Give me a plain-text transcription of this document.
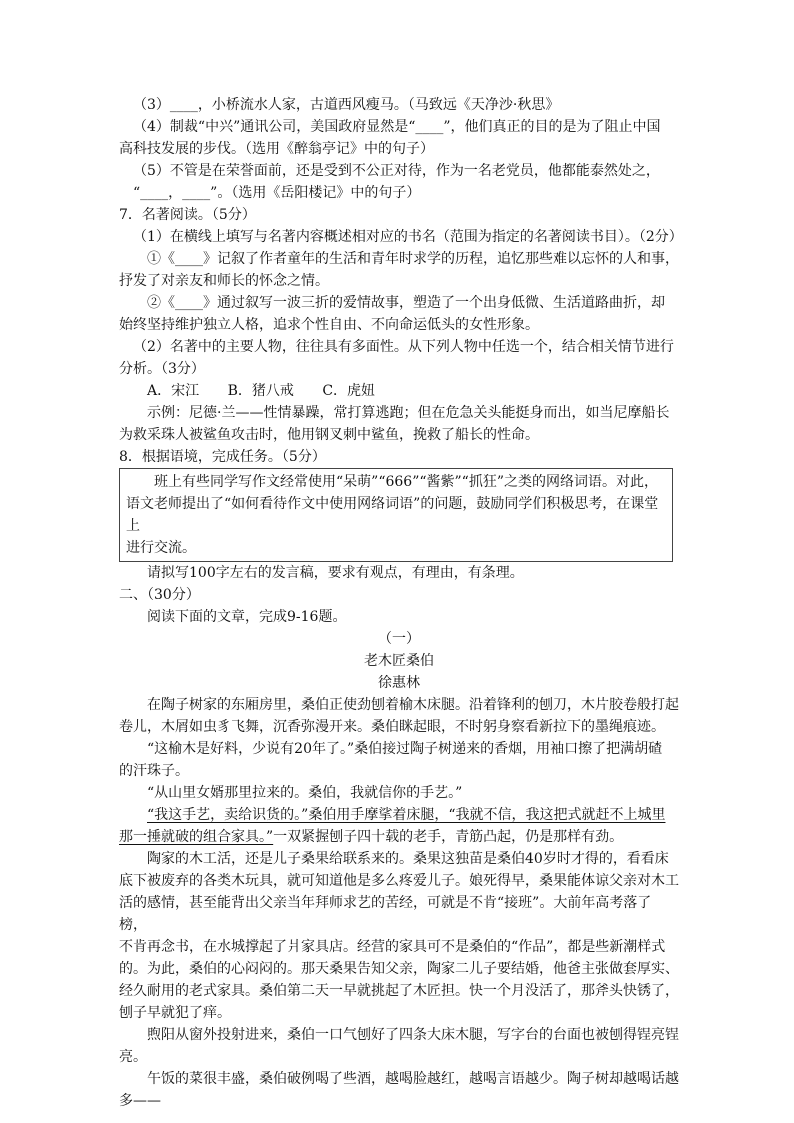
（3）____，小桥流水人家，古道西风瘦马。（马致远《天净沙·秋思》

（4）制裁“中兴”通讯公司，美国政府显然是“____”，他们真正的目的是为了阻止中国

高科技发展的步伐。（选用《醉翁亭记》中的句子）

（5）不管是在荣誉面前，还是受到不公正对待，作为一名老党员，他都能泰然处之，

“____，____”。（选用《岳阳楼记》中的句子）

7．名著阅读。（5分）

（1）在横线上填写与名著内容概述相对应的书名（范围为指定的名著阅读书目）。（2分）

①《____》记叙了作者童年的生活和青年时求学的历程，追忆那些难以忘怀的人和事，

抒发了对亲友和师长的怀念之情。

②《____》通过叙写一波三折的爱情故事，塑造了一个出身低微、生活道路曲折，却

始终坚持维护独立人格，追求个性自由、不向命运低头的女性形象。

（2）名著中的主要人物，往往具有多面性。从下列人物中任选一个，结合相关情节进行

分析。（3分）

A．宋江 B．猪八戒 C．虎妞

示例：尼德·兰——性情暴躁，常打算逃跑；但在危急关头能挺身而出，如当尼摩船长

为救采珠人被鲨鱼攻击时，他用钢叉刺中鲨鱼，挽救了船长的性命。

8．根据语境，完成任务。（5分）

班上有些同学写作文经常使用“呆萌”“666”“酱紫”“抓狂”之类的网络词语。对此，

语文老师提出了“如何看待作文中使用网络词语”的问题，鼓励同学们积极思考，在课堂上

进行交流。

请拟写100字左右的发言稿，要求有观点，有理由，有条理。

二、（30分）

阅读下面的文章，完成9-16题。

（一）

老木匠桑伯

徐惠林

在陶子树家的东厢房里，桑伯正使劲刨着榆木床腿。沿着锋利的刨刀，木片胶卷般打起

卷儿，木屑如虫豸飞舞，沉香弥漫开来。桑伯眯起眼，不时躬身察看新拉下的墨绳痕迹。

“这榆木是好料，少说有20年了。”桑伯接过陶子树递来的香烟，用袖口擦了把满胡碴

的汗珠子。

“从山里女婿那里拉来的。桑伯，我就信你的手艺。”

“我这手艺，卖给识货的。”桑伯用手摩挲着床腿，“我就不信，我这把式就赶不上城里

那一捶就破的组合家具。”一双紧握刨子四十载的老手，青筋凸起，仍是那样有劲。

陶家的木工活，还是儿子桑果给联系来的。桑果这独苗是桑伯40岁时才得的，看看床

底下被废弃的各类木玩具，就可知道他是多么疼爱儿子。娘死得早，桑果能体谅父亲对木工

活的感情，甚至能背出父亲当年拜师求艺的苦经，可就是不肯“接班”。大前年高考落了榜，

不肯再念书，在水城撑起了爿家具店。经营的家具可不是桑伯的“作品”，都是些新潮样式

的。为此，桑伯的心闷闷的。那天桑果告知父亲，陶家二儿子要结婚，他爸主张做套厚实、

经久耐用的老式家具。桑伯第二天一早就挑起了木匠担。快一个月没活了，那斧头快锈了，

刨子早就犯了痒。

煦阳从窗外投射进来，桑伯一口气刨好了四条大床木腿，写字台的台面也被刨得锃亮锃

亮。

午饭的菜很丰盛，桑伯破例喝了些酒，越喝脸越红，越喝言语越少。陶子树却越喝话越

多——
